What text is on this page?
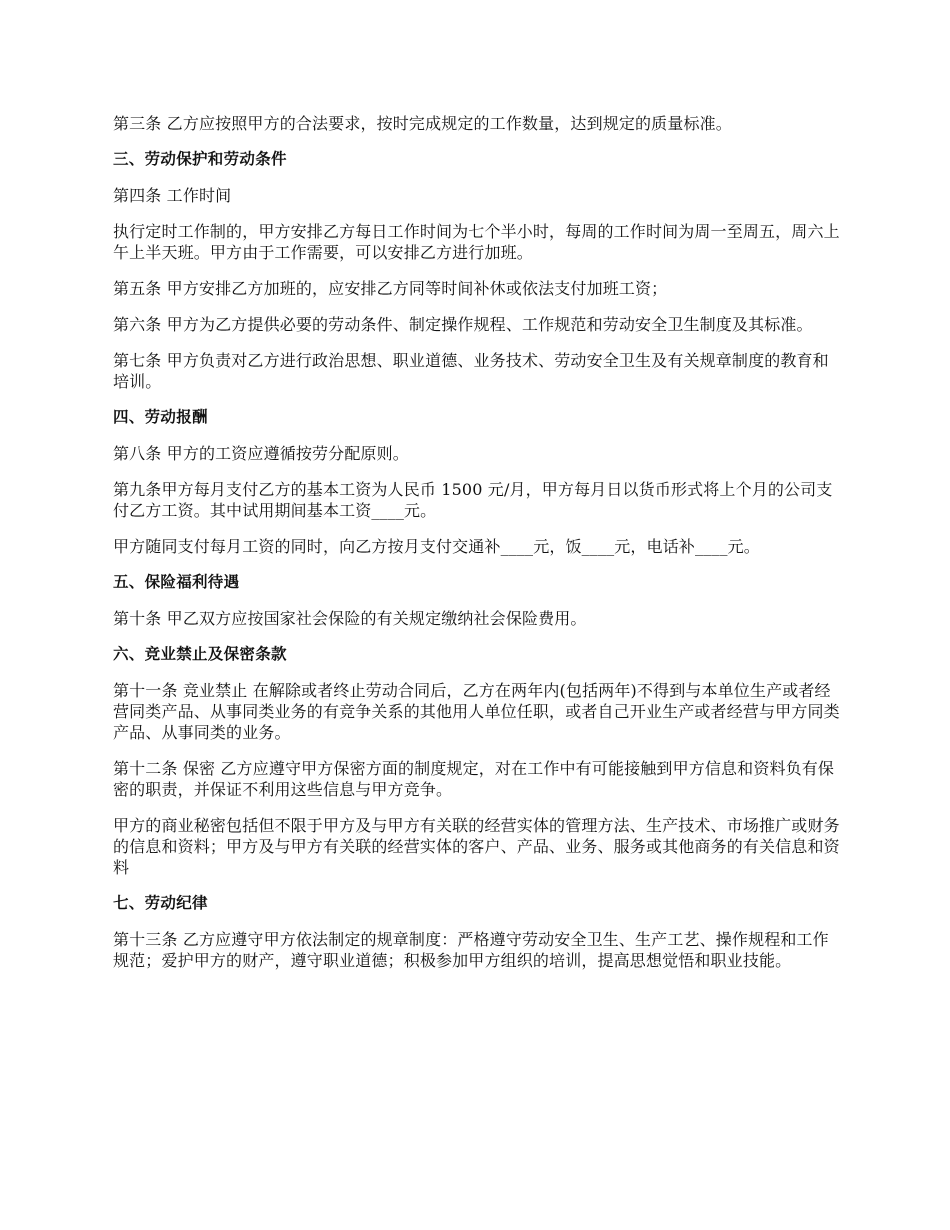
第三条 乙方应按照甲方的合法要求，按时完成规定的工作数量，达到规定的质量标准。

三、劳动保护和劳动条件

第四条 工作时间

执行定时工作制的，甲方安排乙方每日工作时间为七个半小时，每周的工作时间为周一至周五，周六上午上半天班。甲方由于工作需要，可以安排乙方进行加班。

第五条 甲方安排乙方加班的，应安排乙方同等时间补休或依法支付加班工资；

第六条 甲方为乙方提供必要的劳动条件、制定操作规程、工作规范和劳动安全卫生制度及其标准。

第七条 甲方负责对乙方进行政治思想、职业道德、业务技术、劳动安全卫生及有关规章制度的教育和培训。

四、劳动报酬

第八条 甲方的工资应遵循按劳分配原则。

第九条甲方每月支付乙方的基本工资为人民币 1500 元/月，甲方每月日以货币形式将上个月的公司支付乙方工资。其中试用期间基本工资____元。

甲方随同支付每月工资的同时，向乙方按月支付交通补____元，饭____元，电话补____元。

五、保险福利待遇

第十条 甲乙双方应按国家社会保险的有关规定缴纳社会保险费用。

六、竞业禁止及保密条款

第十一条 竞业禁止 在解除或者终止劳动合同后，乙方在两年内(包括两年)不得到与本单位生产或者经营同类产品、从事同类业务的有竞争关系的其他用人单位任职，或者自己开业生产或者经营与甲方同类产品、从事同类的业务。

第十二条 保密 乙方应遵守甲方保密方面的制度规定，对在工作中有可能接触到甲方信息和资料负有保密的职责，并保证不利用这些信息与甲方竞争。

甲方的商业秘密包括但不限于甲方及与甲方有关联的经营实体的管理方法、生产技术、市场推广或财务的信息和资料；甲方及与甲方有关联的经营实体的客户、产品、业务、服务或其他商务的有关信息和资料

七、劳动纪律

第十三条 乙方应遵守甲方依法制定的规章制度：严格遵守劳动安全卫生、生产工艺、操作规程和工作规范；爱护甲方的财产，遵守职业道德；积极参加甲方组织的培训，提高思想觉悟和职业技能。
